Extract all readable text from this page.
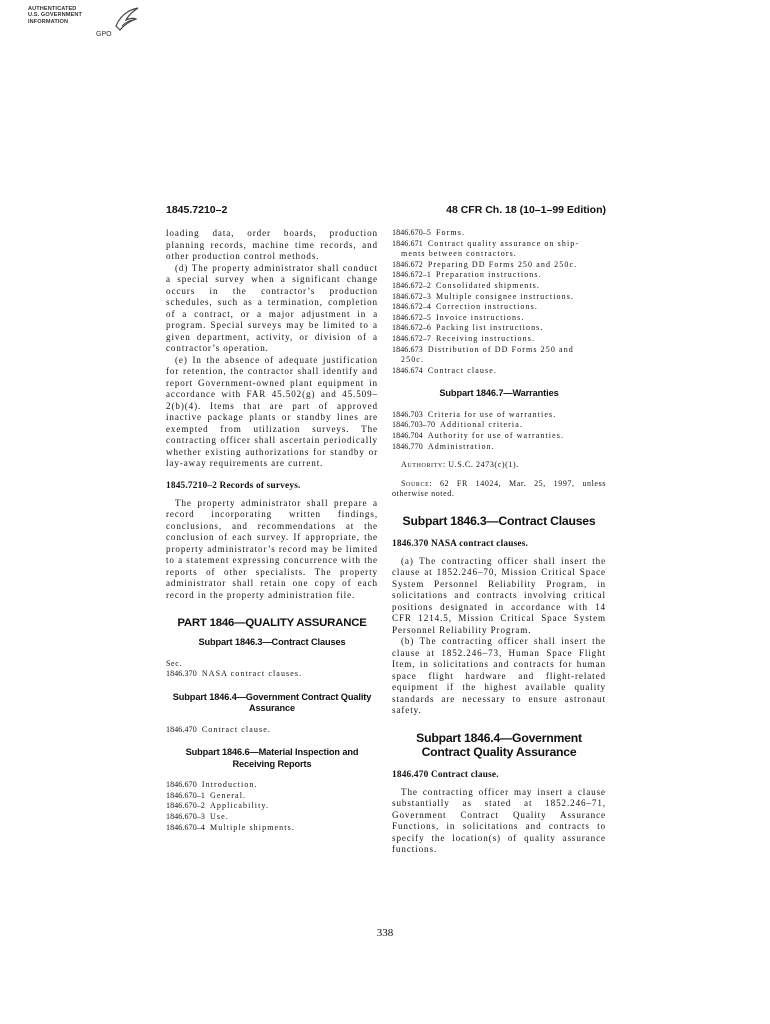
AUTHENTICATED
U.S. GOVERNMENT
INFORMATION
GPO
1845.7210–2	48 CFR Ch. 18 (10–1–99 Edition)

loading data, order boards, production planning records, machine time records, and other production control methods.

(d) The property administrator shall conduct a special survey when a significant change occurs in the contractor’s production schedules, such as a termination, completion of a contract, or a major adjustment in a program. Special surveys may be limited to a given department, activity, or division of a contractor’s operation.

(e) In the absence of adequate justification for retention, the contractor shall identify and report Government-owned plant equipment in accordance with FAR 45.502(g) and 45.509–2(b)(4). Items that are part of approved inactive package plants or standby lines are exempted from utilization surveys. The contracting officer shall ascertain periodically whether existing authorizations for standby or lay-away requirements are current.

1845.7210–2 Records of surveys.

The property administrator shall prepare a record incorporating written findings, conclusions, and recommendations at the conclusion of each survey. If appropriate, the property administrator’s record may be limited to a statement expressing concurrence with the reports of other specialists. The property administrator shall retain one copy of each record in the property administration file.

PART 1846—QUALITY ASSURANCE
Subpart 1846.3—Contract Clauses
Sec.
1846.370 NASA contract clauses.
Subpart 1846.4—Government Contract Quality Assurance
1846.470 Contract clause.
Subpart 1846.6—Material Inspection and Receiving Reports
1846.670 Introduction.
1846.670–1 General.
1846.670–2 Applicability.
1846.670–3 Use.
1846.670–4 Multiple shipments.
1846.670–5 Forms.
1846.671 Contract quality assurance on ship-
ments between contractors.
1846.672 Preparing DD Forms 250 and 250c.
1846.672–1 Preparation instructions.
1846.672–2 Consolidated shipments.
1846.672–3 Multiple consignee instructions.
1846.672–4 Correction instructions.
1846.672–5 Invoice instructions.
1846.672–6 Packing list instructions.
1846.672–7 Receiving instructions.
1846.673 Distribution of DD Forms 250 and
250c.
1846.674 Contract clause.
Subpart 1846.7—Warranties
1846.703 Criteria for use of warranties.
1846.703–70 Additional criteria.
1846.704 Authority for use of warranties.
1846.770 Administration.

Authority: U.S.C. 2473(c)(1).

Source: 62 FR 14024, Mar. 25, 1997, unless otherwise noted.

Subpart 1846.3—Contract Clauses
1846.370 NASA contract clauses.

(a) The contracting officer shall insert the clause at 1852.246–70, Mission Critical Space System Personnel Reliability Program, in solicitations and contracts involving critical positions designated in accordance with 14 CFR 1214.5, Mission Critical Space System Personnel Reliability Program.

(b) The contracting officer shall insert the clause at 1852.246–73, Human Space Flight Item, in solicitations and contracts for human space flight hardware and flight-related equipment if the highest available quality standards are necessary to ensure astronaut safety.

Subpart 1846.4—Government Contract Quality Assurance
1846.470 Contract clause.

The contracting officer may insert a clause substantially as stated at 1852.246–71, Government Contract Quality Assurance Functions, in solicitations and contracts to specify the location(s) of quality assurance functions.

338
